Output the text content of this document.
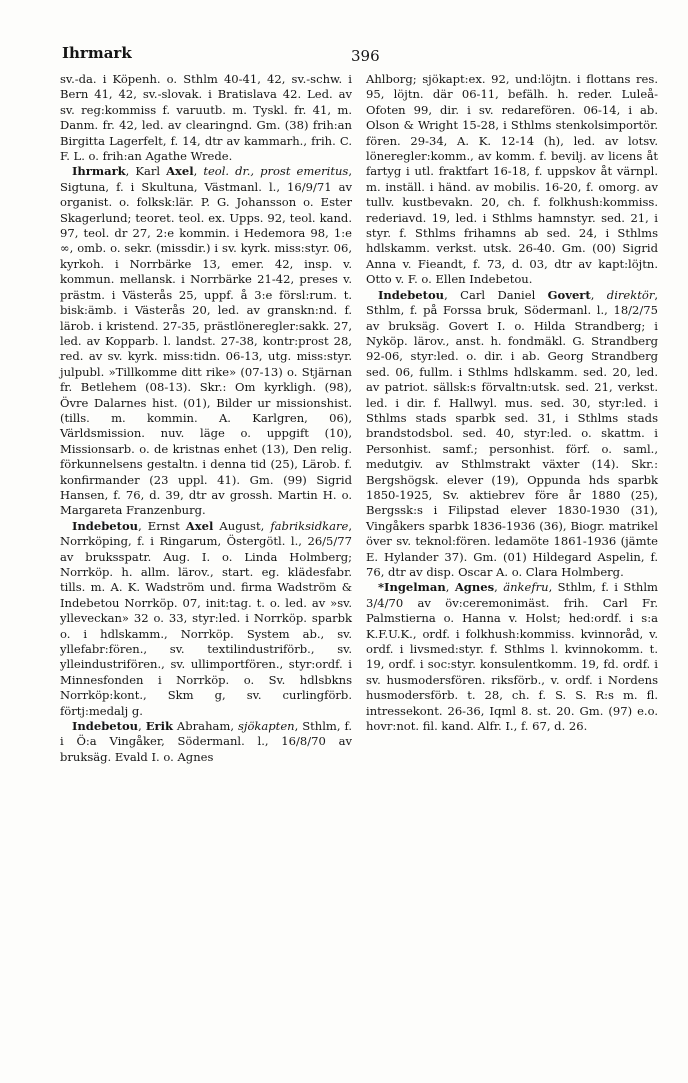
Ihrmark	396

sv.-da. i Köpenh. o. Sthlm 40-41, 42, sv.-schw. i Bern 41, 42, sv.-slovak. i Bratislava 42. Led. av sv. reg:kommiss f. varuutb. m. Tyskl. fr. 41, m. Danm. fr. 42, led. av clearingnd. Gm. (38) frih:an Birgitta Lagerfelt, f. 14, dtr av kammarh., frih. C. F. L. o. frih:an Agathe Wrede.

Ihrmark, Karl Axel, teol. dr., prost emeritus, Sigtuna, f. i Skultuna, Västmanl. l., 16/9/71 av organist. o. folksk:lär. P. G. Johansson o. Ester Skagerlund; teoret. teol. ex. Upps. 92, teol. kand. 97, teol. dr 27, 2:e kommin. i Hedemora 98, 1:e ∞, omb. o. sekr. (missdir.) i sv. kyrk. miss:styr. 06, kyrkoh. i Norrbärke 13, emer. 42, insp. v. kommun. mellansk. i Norrbärke 21-42, preses v. prästm. i Västerås 25, uppf. å 3:e försl:rum. t. bisk:ämb. i Västerås 20, led. av granskn:nd. f. lärob. i kristend. 27-35, prästlöneregler:sakk. 27, led. av Kopparb. l. landst. 27-38, kontr:prost 28, red. av sv. kyrk. miss:tidn. 06-13, utg. miss:styr. julpubl. »Tillkomme ditt rike» (07-13) o. Stjärnan fr. Betlehem (08-13). Skr.: Om kyrkligh. (98), Övre Dalarnes hist. (01), Bilder ur missionshist. (tills. m. kommin. A. Karlgren, 06), Världsmission. nuv. läge o. uppgift (10), Missionsarb. o. de kristnas enhet (13), Den relig. förkunnelsens gestaltn. i denna tid (25), Lärob. f. konfirmander (23 uppl. 41). Gm. (99) Sigrid Hansen, f. 76, d. 39, dtr av grossh. Martin H. o. Margareta Franzenburg.

Indebetou, Ernst Axel August, fabriksidkare, Norrköping, f. i Ringarum, Östergötl. l., 26/5/77 av bruksspatr. Aug. I. o. Linda Holmberg; Norrköp. h. allm. lärov., start. eg. klädesfabr. tills. m. A. K. Wadström und. firma Wadström & Indebetou Norrköp. 07, init:tag. t. o. led. av »sv. ylleveckan» 32 o. 33, styr:led. i Norrköp. sparbk o. i hdlskamm., Norrköp. System ab., sv. yllefabr:fören., sv. textilindustriförb., sv. ylleindustrifören., sv. ullimportfören., styr:ordf. i Minnesfonden i Norrköp. o. Sv. hdlsbkns Norrköp:kont., Skm g, sv. curlingförb. förtj:medalj g.

Indebetou, Erik Abraham, sjökapten, Sthlm, f. i Ö:a Vingåker, Södermanl. l., 16/8/70 av bruksäg. Evald I. o. Agnes

Ahlborg; sjökapt:ex. 92, und:löjtn. i flottans res. 95, löjtn. där 06-11, befälh. h. reder. Luleå-Ofoten 99, dir. i sv. redarefören. 06-14, i ab. Olson & Wright 15-28, i Sthlms stenkolsimportör. fören. 29-34, A. K. 12-14 (h), led. av lotsv. löneregler:komm., av komm. f. bevilj. av licens åt fartyg i utl. fraktfart 16-18, f. uppskov åt värnpl. m. inställ. i händ. av mobilis. 16-20, f. omorg. av tullv. kustbevakn. 20, ch. f. folkhush:kommiss. rederiavd. 19, led. i Sthlms hamnstyr. sed. 21, i styr. f. Sthlms frihamns ab sed. 24, i Sthlms hdlskamm. verkst. utsk. 26-40. Gm. (00) Sigrid Anna v. Fieandt, f. 73, d. 03, dtr av kapt:löjtn. Otto v. F. o. Ellen Indebetou.

Indebetou, Carl Daniel Govert, direktör, Sthlm, f. på Forssa bruk, Södermanl. l., 18/2/75 av bruksäg. Govert I. o. Hilda Strandberg; i Nyköp. lärov., anst. h. fondmäkl. G. Strandberg 92-06, styr:led. o. dir. i ab. Georg Strandberg sed. 06, fullm. i Sthlms hdlskamm. sed. 20, led. av patriot. sällsk:s förvaltn:utsk. sed. 21, verkst. led. i dir. f. Hallwyl. mus. sed. 30, styr:led. i Sthlms stads sparbk sed. 31, i Sthlms stads brandstodsbol. sed. 40, styr:led. o. skattm. i Personhist. samf.; personhist. förf. o. saml., medutgiv. av Sthlmstrakt växter (14). Skr.: Bergshögsk. elever (19), Oppunda hds sparbk 1850-1925, Sv. aktiebrev före år 1880 (25), Bergssk:s i Filipstad elever 1830-1930 (31), Vingåkers sparbk 1836-1936 (36), Biogr. matrikel över sv. teknol:fören. ledamöte 1861-1936 (jämte E. Hylander 37). Gm. (01) Hildegard Aspelin, f. 76, dtr av disp. Oscar A. o. Clara Holmberg.

*Ingelman, Agnes, änkefru, Sthlm, f. i Sthlm 3/4/70 av öv:ceremonimäst. frih. Carl Fr. Palmstierna o. Hanna v. Holst; hed:ordf. i s:a K.F.U.K., ordf. i folkhush:kommiss. kvinnoråd, v. ordf. i livsmed:styr. f. Sthlms l. kvinnokomm. t. 19, ordf. i soc:styr. konsulentkomm. 19, fd. ordf. i sv. husmodersfören. riksförb., v. ordf. i Nordens husmodersförb. t. 28, ch. f. S. S. R:s m. fl. intressekont. 26-36, Iqml 8. st. 20. Gm. (97) e.o. hovr:not. fil. kand. Alfr. I., f. 67, d. 26.
